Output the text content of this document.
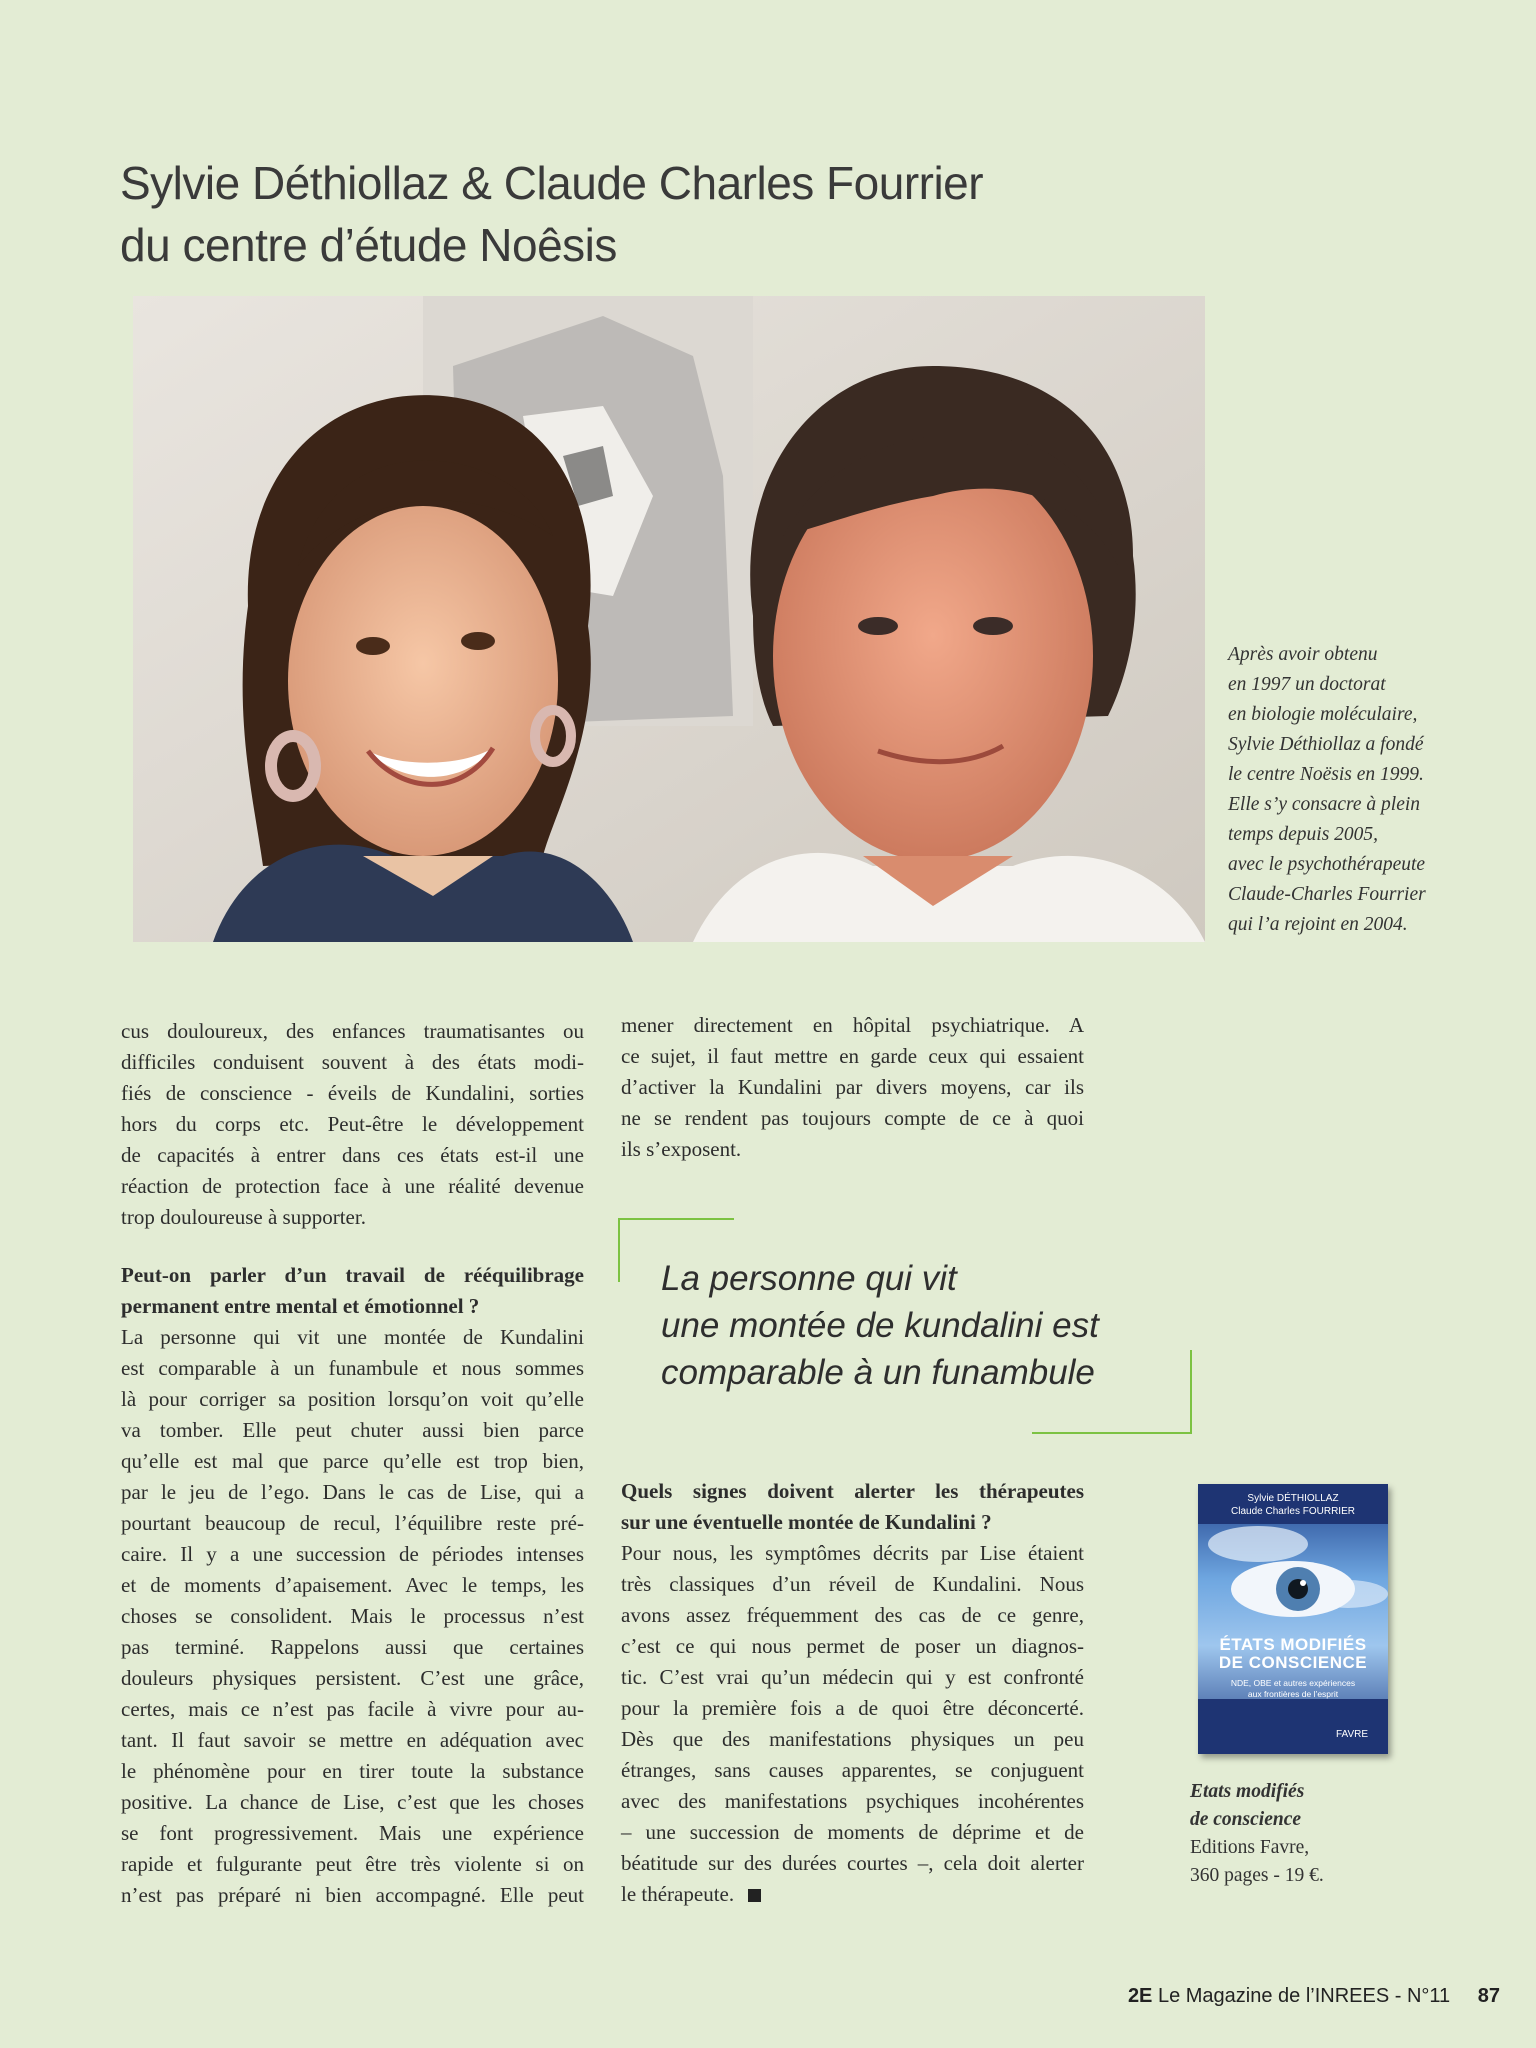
Sylvie Déthiollaz & Claude Charles Fourrier
du centre d’étude Noêsis
Après avoir obtenu
en 1997 un doctorat
en biologie moléculaire,
Sylvie Déthiollaz a fondé
le centre Noësis en 1999.
Elle s’y consacre à plein
temps depuis 2005,
avec le psychothérapeute
Claude-Charles Fourrier
qui l’a rejoint en 2004.
cus douloureux, des enfances traumatisantes ou
difficiles conduisent souvent à des états modi-
fiés de conscience - éveils de Kundalini, sorties
hors du corps etc. Peut-être le développement
de capacités à entrer dans ces états est-il une
réaction de protection face à une réalité devenue
trop douloureuse à supporter.
Peut-on parler d’un travail de rééquilibrage
permanent entre mental et émotionnel ?
La personne qui vit une montée de Kundalini
est comparable à un funambule et nous sommes
là pour corriger sa position lorsqu’on voit qu’elle
va tomber. Elle peut chuter aussi bien parce
qu’elle est mal que parce qu’elle est trop bien,
par le jeu de l’ego. Dans le cas de Lise, qui a
pourtant beaucoup de recul, l’équilibre reste pré-
caire. Il y a une succession de périodes intenses
et de moments d’apaisement. Avec le temps, les
choses se consolident. Mais le processus n’est
pas terminé. Rappelons aussi que certaines
douleurs physiques persistent. C’est une grâce,
certes, mais ce n’est pas facile à vivre pour au-
tant. Il faut savoir se mettre en adéquation avec
le phénomène pour en tirer toute la substance
positive. La chance de Lise, c’est que les choses
se font progressivement. Mais une expérience
rapide et fulgurante peut être très violente si on
n’est pas préparé ni bien accompagné. Elle peut
mener directement en hôpital psychiatrique. A
ce sujet, il faut mettre en garde ceux qui essaient
d’activer la Kundalini par divers moyens, car ils
ne se rendent pas toujours compte de ce à quoi
ils s’exposent.
La personne qui vit
une montée de kundalini est
comparable à un funambule
Quels signes doivent alerter les thérapeutes
sur une éventuelle montée de Kundalini ?
Pour nous, les symptômes décrits par Lise étaient
très classiques d’un réveil de Kundalini. Nous
avons assez fréquemment des cas de ce genre,
c’est ce qui nous permet de poser un diagnos-
tic. C’est vrai qu’un médecin qui y est confronté
pour la première fois a de quoi être déconcerté.
Dès que des manifestations physiques un peu
étranges, sans causes apparentes, se conjuguent
avec des manifestations psychiques incohérentes
– une succession de moments de déprime et de
béatitude sur des durées courtes –, cela doit alerter
le thérapeute.
Sylvie DÉTHIOLLAZ
Claude Charles FOURRIER
ÉTATS MODIFIÉS
DE CONSCIENCE
NDE, OBE et autres expériences
aux frontières de l’esprit
FAVRE
Etats modifiés
de conscience
Editions Favre,
360 pages - 19 €.
2E Le Magazine de l’INREES - N°11 87
